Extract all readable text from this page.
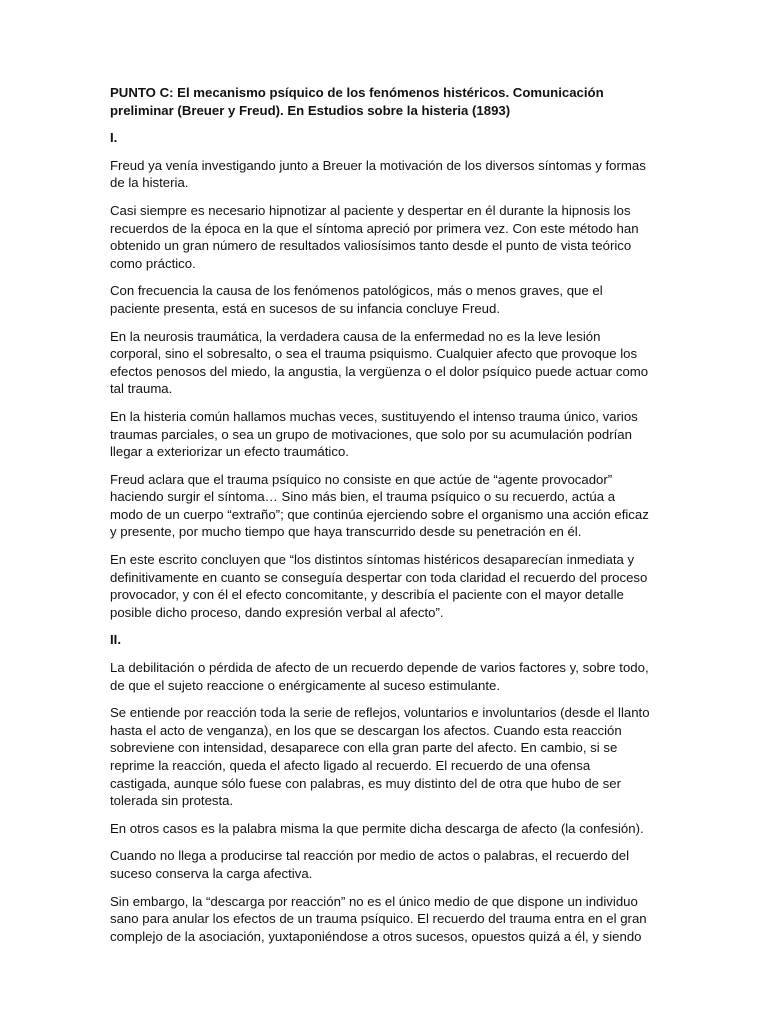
PUNTO C: El mecanismo psíquico de los fenómenos histéricos. Comunicación preliminar (Breuer y Freud). En Estudios sobre la histeria (1893)

I.

Freud ya venía investigando junto a Breuer la motivación de los diversos síntomas y formas de la histeria.

Casi siempre es necesario hipnotizar al paciente y despertar en él durante la hipnosis los recuerdos de la época en la que el síntoma apreció por primera vez. Con este método han obtenido un gran número de resultados valiosísimos tanto desde el punto de vista teórico como práctico.

Con frecuencia la causa de los fenómenos patológicos, más o menos graves, que el paciente presenta, está en sucesos de su infancia concluye Freud.

En la neurosis traumática, la verdadera causa de la enfermedad no es la leve lesión corporal, sino el sobresalto, o sea el trauma psiquismo. Cualquier afecto que provoque los efectos penosos del miedo, la angustia, la vergüenza o el dolor psíquico puede actuar como tal trauma.

En la histeria común hallamos muchas veces, sustituyendo el intenso trauma único, varios traumas parciales, o sea un grupo de motivaciones, que solo por su acumulación podrían llegar a exteriorizar un efecto traumático.

Freud aclara que el trauma psíquico no consiste en que actúe de “agente provocador” haciendo surgir el síntoma… Sino más bien, el trauma psíquico o su recuerdo, actúa a modo de un cuerpo “extraño”; que continúa ejerciendo sobre el organismo una acción eficaz y presente, por mucho tiempo que haya transcurrido desde su penetración en él.

En este escrito concluyen que “los distintos síntomas histéricos desaparecían inmediata y definitivamente en cuanto se conseguía despertar con toda claridad el recuerdo del proceso provocador, y con él el efecto concomitante, y describía el paciente con el mayor detalle posible dicho proceso, dando expresión verbal al afecto”.

II.

La debilitación o pérdida de afecto de un recuerdo depende de varios factores y, sobre todo, de que el sujeto reaccione o enérgicamente al suceso estimulante.

Se entiende por reacción toda la serie de reflejos, voluntarios e involuntarios (desde el llanto hasta el acto de venganza), en los que se descargan los afectos. Cuando esta reacción sobreviene con intensidad, desaparece con ella gran parte del afecto. En cambio, si se reprime la reacción, queda el afecto ligado al recuerdo. El recuerdo de una ofensa castigada, aunque sólo fuese con palabras, es muy distinto del de otra que hubo de ser tolerada sin protesta.

En otros casos es la palabra misma la que permite dicha descarga de afecto (la confesión).

Cuando no llega a producirse tal reacción por medio de actos o palabras, el recuerdo del suceso conserva la carga afectiva.

Sin embargo, la “descarga por reacción” no es el único medio de que dispone un individuo sano para anular los efectos de un trauma psíquico. El recuerdo del trauma entra en el gran complejo de la asociación, yuxtaponiéndose a otros sucesos, opuestos quizá a él, y siendo
